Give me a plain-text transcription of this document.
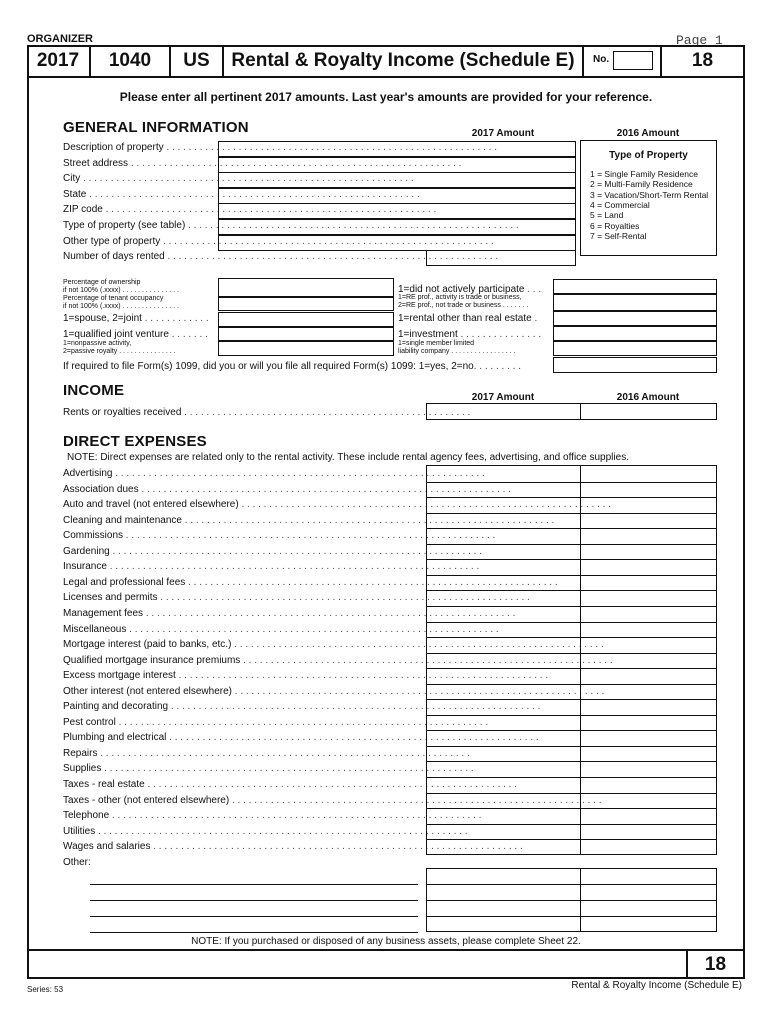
ORGANIZER	Page 1
2017	1040	US	Rental & Royalty Income (Schedule E)	No.	18
Please enter all pertinent 2017 amounts. Last year's amounts are provided for your reference.
GENERAL INFORMATION	2017 Amount	2016 Amount
Description of property . . . . . . . . . . . . . . . . . . . . . . . . . . . . . . . . . . . . . . . . . . . . . . . . . . . . . . . . . . . .
Street address . . . . . . . . . . . . . . . . . . . . . . . . . . . . . . . . . . . . . . . . . . . . . . . . . . . . . . . . . . . .
City . . . . . . . . . . . . . . . . . . . . . . . . . . . . . . . . . . . . . . . . . . . . . . . . . . . . . . . . . . . .
State . . . . . . . . . . . . . . . . . . . . . . . . . . . . . . . . . . . . . . . . . . . . . . . . . . . . . . . . . . . .
ZIP code . . . . . . . . . . . . . . . . . . . . . . . . . . . . . . . . . . . . . . . . . . . . . . . . . . . . . . . . . . . .
Type of property (see table) . . . . . . . . . . . . . . . . . . . . . . . . . . . . . . . . . . . . . . . . . . . . . . . . . . . . . . . . . . . .
Other type of property . . . . . . . . . . . . . . . . . . . . . . . . . . . . . . . . . . . . . . . . . . . . . . . . . . . . . . . . . . . .
Number of days rented . . . . . . . . . . . . . . . . . . . . . . . . . . . . . . . . . . . . . . . . . . . . . . . . . . . . . . . . . . . .
Type of Property
1 = Single Family Residence
2 = Multi-Family Residence
3 = Vacation/Short-Term Rental
4 = Commercial
5 = Land
6 = Royalties
7 = Self-Rental
Percentage of ownership
if not 100% (.xxxx) . . . . . . . . . . . . . . .
Percentage of tenant occupancy
if not 100% (.xxxx) . . . . . . . . . . . . . . .
1=spouse, 2=joint . . . . . . . . . . . .
1=qualified joint venture . . . . . . .
1=nonpassive activity,
2=passive royalty . . . . . . . . . . . . . . .
1=did not actively participate . . .
1=RE prof., activity is trade or business,
2=RE prof., not trade or business . . . . . . .
1=rental other than real estate .
1=investment . . . . . . . . . . . . . . .
1=single member limited
liability company . . . . . . . . . . . . . . . . .
If required to file Form(s) 1099, did you or will you file all required Form(s) 1099: 1=yes, 2=no. . . . . . . . .
INCOME	2017 Amount	2016 Amount
Rents or royalties received . . . . . . . . . . . . . . . . . . . . . . . . . . . . . . . . . . . . . . . . . . . . . . . . . . . .
DIRECT EXPENSES
NOTE: Direct expenses are related only to the rental activity. These include rental agency fees, advertising, and office supplies.
Advertising . . . . . . . . . . . . . . . . . . . . . . . . . . . . . . . . . . . . . . . . . . . . . . . . . . . . . . . . . . . . . . . . . . .
Association dues . . . . . . . . . . . . . . . . . . . . . . . . . . . . . . . . . . . . . . . . . . . . . . . . . . . . . . . . . . . . . . . . . . .
Auto and travel (not entered elsewhere) . . . . . . . . . . . . . . . . . . . . . . . . . . . . . . . . . . . . . . . . . . . . . . . . . . . . . . . . . . . . . . . . . . .
Cleaning and maintenance . . . . . . . . . . . . . . . . . . . . . . . . . . . . . . . . . . . . . . . . . . . . . . . . . . . . . . . . . . . . . . . . . . .
Commissions . . . . . . . . . . . . . . . . . . . . . . . . . . . . . . . . . . . . . . . . . . . . . . . . . . . . . . . . . . . . . . . . . . .
Gardening . . . . . . . . . . . . . . . . . . . . . . . . . . . . . . . . . . . . . . . . . . . . . . . . . . . . . . . . . . . . . . . . . . .
Insurance . . . . . . . . . . . . . . . . . . . . . . . . . . . . . . . . . . . . . . . . . . . . . . . . . . . . . . . . . . . . . . . . . . .
Legal and professional fees . . . . . . . . . . . . . . . . . . . . . . . . . . . . . . . . . . . . . . . . . . . . . . . . . . . . . . . . . . . . . . . . . . .
Licenses and permits . . . . . . . . . . . . . . . . . . . . . . . . . . . . . . . . . . . . . . . . . . . . . . . . . . . . . . . . . . . . . . . . . . .
Management fees . . . . . . . . . . . . . . . . . . . . . . . . . . . . . . . . . . . . . . . . . . . . . . . . . . . . . . . . . . . . . . . . . . .
Miscellaneous . . . . . . . . . . . . . . . . . . . . . . . . . . . . . . . . . . . . . . . . . . . . . . . . . . . . . . . . . . . . . . . . . . .
Mortgage interest (paid to banks, etc.) . . . . . . . . . . . . . . . . . . . . . . . . . . . . . . . . . . . . . . . . . . . . . . . . . . . . . . . . . . . . . . . . . . .
Qualified mortgage insurance premiums . . . . . . . . . . . . . . . . . . . . . . . . . . . . . . . . . . . . . . . . . . . . . . . . . . . . . . . . . . . . . . . . . . .
Excess mortgage interest . . . . . . . . . . . . . . . . . . . . . . . . . . . . . . . . . . . . . . . . . . . . . . . . . . . . . . . . . . . . . . . . . . .
Other interest (not entered elsewhere) . . . . . . . . . . . . . . . . . . . . . . . . . . . . . . . . . . . . . . . . . . . . . . . . . . . . . . . . . . . . . . . . . . .
Painting and decorating . . . . . . . . . . . . . . . . . . . . . . . . . . . . . . . . . . . . . . . . . . . . . . . . . . . . . . . . . . . . . . . . . . .
Pest control . . . . . . . . . . . . . . . . . . . . . . . . . . . . . . . . . . . . . . . . . . . . . . . . . . . . . . . . . . . . . . . . . . .
Plumbing and electrical . . . . . . . . . . . . . . . . . . . . . . . . . . . . . . . . . . . . . . . . . . . . . . . . . . . . . . . . . . . . . . . . . . .
Repairs . . . . . . . . . . . . . . . . . . . . . . . . . . . . . . . . . . . . . . . . . . . . . . . . . . . . . . . . . . . . . . . . . . .
Supplies . . . . . . . . . . . . . . . . . . . . . . . . . . . . . . . . . . . . . . . . . . . . . . . . . . . . . . . . . . . . . . . . . . .
Taxes - real estate . . . . . . . . . . . . . . . . . . . . . . . . . . . . . . . . . . . . . . . . . . . . . . . . . . . . . . . . . . . . . . . . . . .
Taxes - other (not entered elsewhere) . . . . . . . . . . . . . . . . . . . . . . . . . . . . . . . . . . . . . . . . . . . . . . . . . . . . . . . . . . . . . . . . . . .
Telephone . . . . . . . . . . . . . . . . . . . . . . . . . . . . . . . . . . . . . . . . . . . . . . . . . . . . . . . . . . . . . . . . . . .
Utilities . . . . . . . . . . . . . . . . . . . . . . . . . . . . . . . . . . . . . . . . . . . . . . . . . . . . . . . . . . . . . . . . . . .
Wages and salaries . . . . . . . . . . . . . . . . . . . . . . . . . . . . . . . . . . . . . . . . . . . . . . . . . . . . . . . . . . . . . . . . . . .
Other:
NOTE: If you purchased or disposed of any business assets, please complete Sheet 22.
18
Series: 53	Rental & Royalty Income (Schedule E)
